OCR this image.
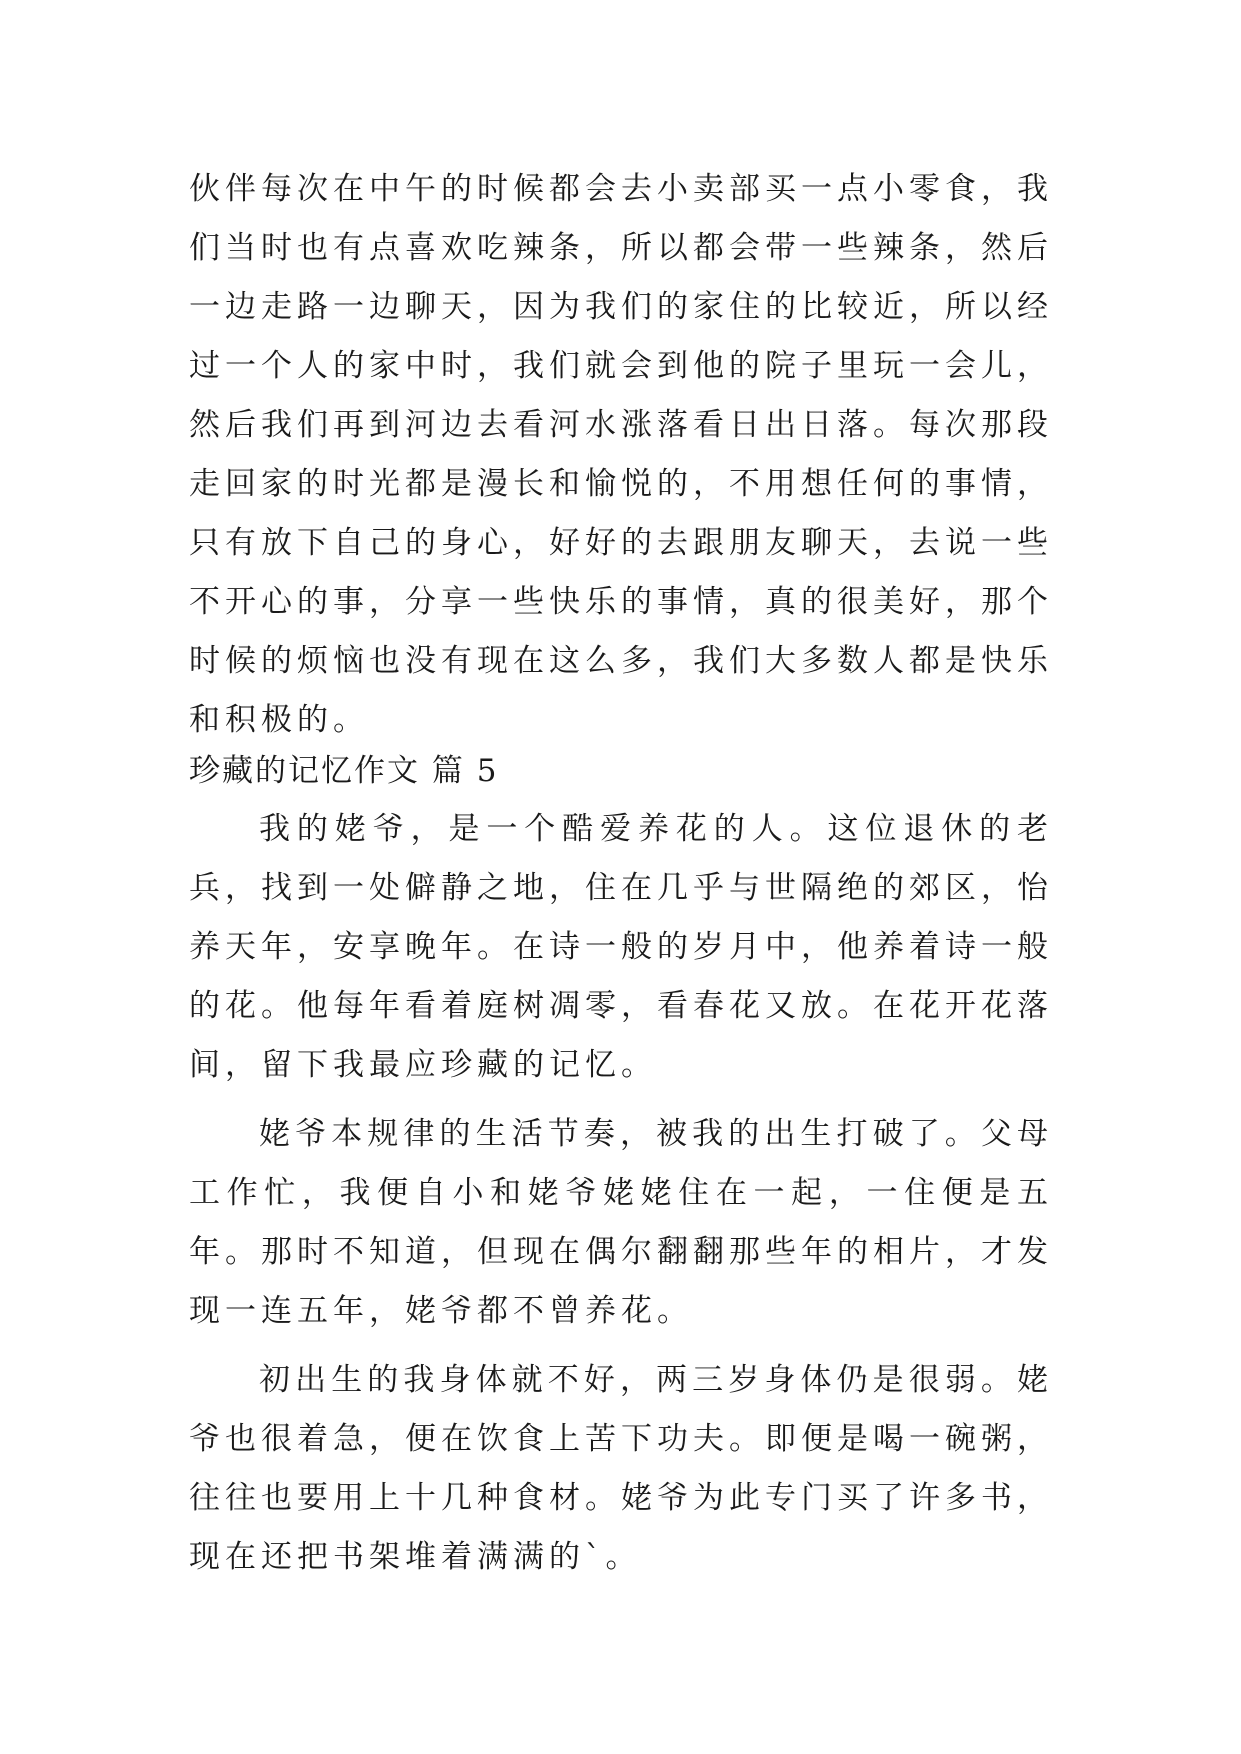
伙伴每次在中午的时候都会去小卖部买一点小零食，我们当时也有点喜欢吃辣条，所以都会带一些辣条，然后一边走路一边聊天，因为我们的家住的比较近，所以经过一个人的家中时，我们就会到他的院子里玩一会儿，然后我们再到河边去看河水涨落看日出日落。每次那段走回家的时光都是漫长和愉悦的，不用想任何的事情，只有放下自己的身心，好好的去跟朋友聊天，去说一些不开心的事，分享一些快乐的事情，真的很美好，那个时候的烦恼也没有现在这么多，我们大多数人都是快乐和积极的。
珍藏的记忆作文 篇 5

我的姥爷，是一个酷爱养花的人。这位退休的老兵，找到一处僻静之地，住在几乎与世隔绝的郊区，怡养天年，安享晚年。在诗一般的岁月中，他养着诗一般的花。他每年看着庭树凋零，看春花又放。在花开花落间，留下我最应珍藏的记忆。

姥爷本规律的生活节奏，被我的出生打破了。父母工作忙，我便自小和姥爷姥姥住在一起，一住便是五年。那时不知道，但现在偶尔翻翻那些年的相片，才发现一连五年，姥爷都不曾养花。

初出生的我身体就不好，两三岁身体仍是很弱。姥爷也很着急，便在饮食上苦下功夫。即便是喝一碗粥，往往也要用上十几种食材。姥爷为此专门买了许多书，现在还把书架堆着满满的`。
